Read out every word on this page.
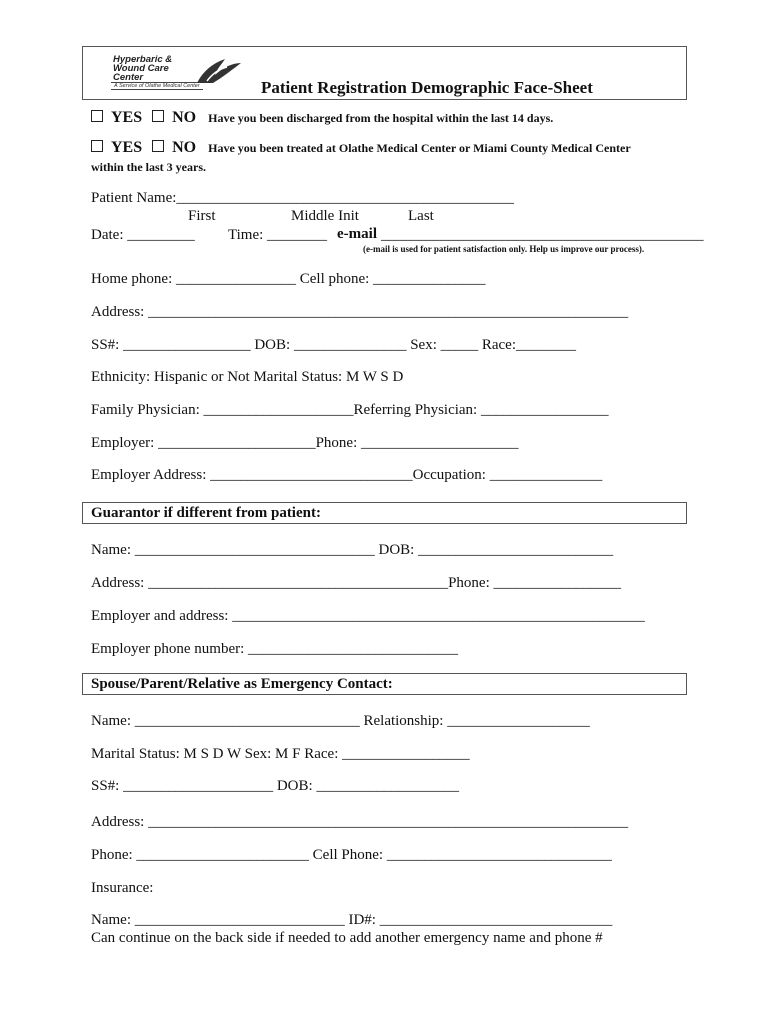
Hyperbaric &
Wound Care
Center
A Service of Olathe Medical Center	Patient Registration Demographic Face-Sheet
YES NO Have you been discharged from the hospital within the last 14 days.
YES NO Have you been treated at Olathe Medical Center or Miami County Medical Center
within the last 3 years.
Patient Name:_____________________________________________
First	Middle Init	Last
Date: _________ Time: ________ e-mail ___________________________________________
(e-mail is used for patient satisfaction only. Help us improve our process).
Home phone: ________________ Cell phone: _______________
Address: ________________________________________________________________
SS#: _________________ DOB: _______________ Sex: _____ Race:________
Ethnicity: Hispanic or Not Marital Status: M W S D
Family Physician: ____________________Referring Physician: _________________
Employer: _____________________Phone: _____________________
Employer Address: ___________________________Occupation: _______________
Guarantor if different from patient:
Name: ________________________________ DOB: __________________________
Address: ________________________________________Phone: _________________
Employer and address: _______________________________________________________
Employer phone number: ____________________________
Spouse/Parent/Relative as Emergency Contact:
Name: ______________________________ Relationship: ___________________
Marital Status: M S D W Sex: M F Race: _________________
SS#: ____________________ DOB: ___________________
Address: ________________________________________________________________
Phone: _______________________ Cell Phone: ______________________________
Insurance:
Name: ____________________________ ID#: _______________________________
Can continue on the back side if needed to add another emergency name and phone #
